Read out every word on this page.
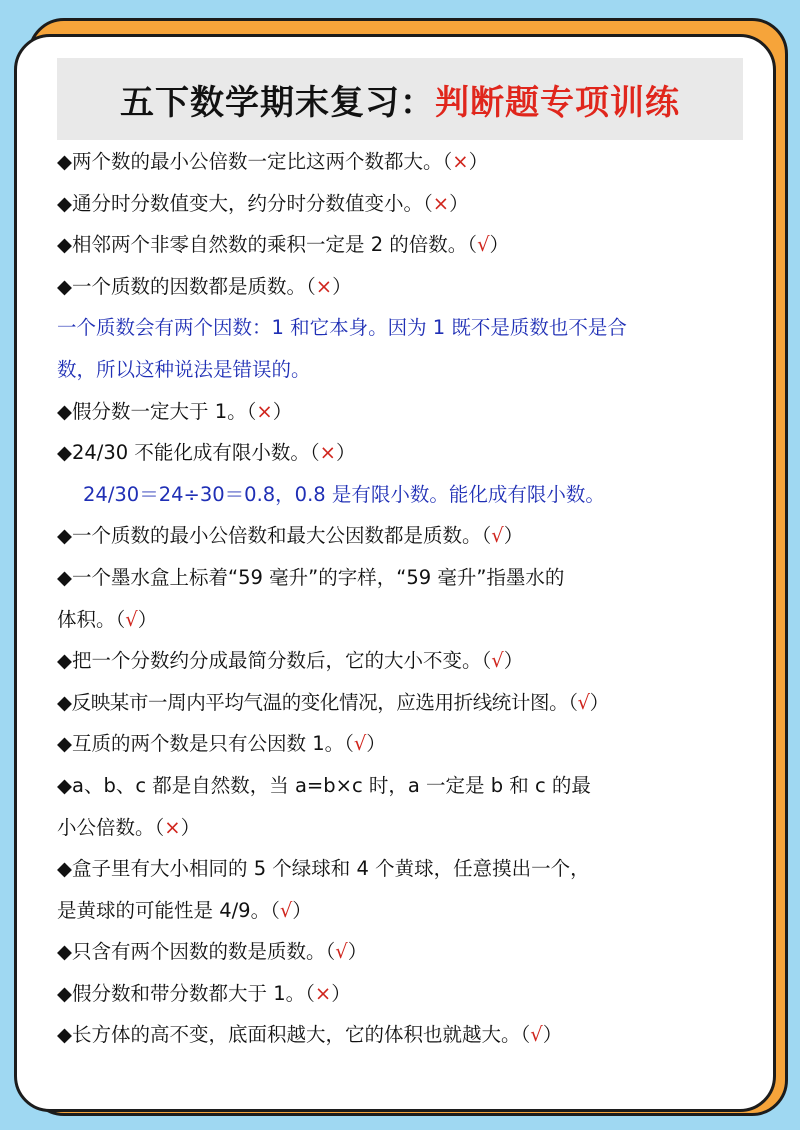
五下数学期末复习： 判断题专项训练
◆两个数的最小公倍数一定比这两个数都大。（×）
◆通分时分数值变大，约分时分数值变小。（×）
◆相邻两个非零自然数的乘积一定是 2 的倍数。（√）
◆一个质数的因数都是质数。（×）
一个质数会有两个因数：1 和它本身。因为 1 既不是质数也不是合
数，所以这种说法是错误的。
◆假分数一定大于 1。（×）
◆24/30 不能化成有限小数。（×）
24/30＝24÷30＝0.8，0.8 是有限小数。能化成有限小数。
◆一个质数的最小公倍数和最大公因数都是质数。（√）
◆一个墨水盒上标着“59 毫升”的字样，“59 毫升”指墨水的
体积。（√）
◆把一个分数约分成最简分数后，它的大小不变。（√）
◆反映某市一周内平均气温的变化情况，应选用折线统计图。（√）
◆互质的两个数是只有公因数 1。（√）
◆a、b、c 都是自然数，当 a=b×c 时，a 一定是 b 和 c 的最
小公倍数。（×）
◆盒子里有大小相同的 5 个绿球和 4 个黄球，任意摸出一个，
是黄球的可能性是 4/9。（√）
◆只含有两个因数的数是质数。（√）
◆假分数和带分数都大于 1。（×）
◆长方体的高不变，底面积越大，它的体积也就越大。（√）
